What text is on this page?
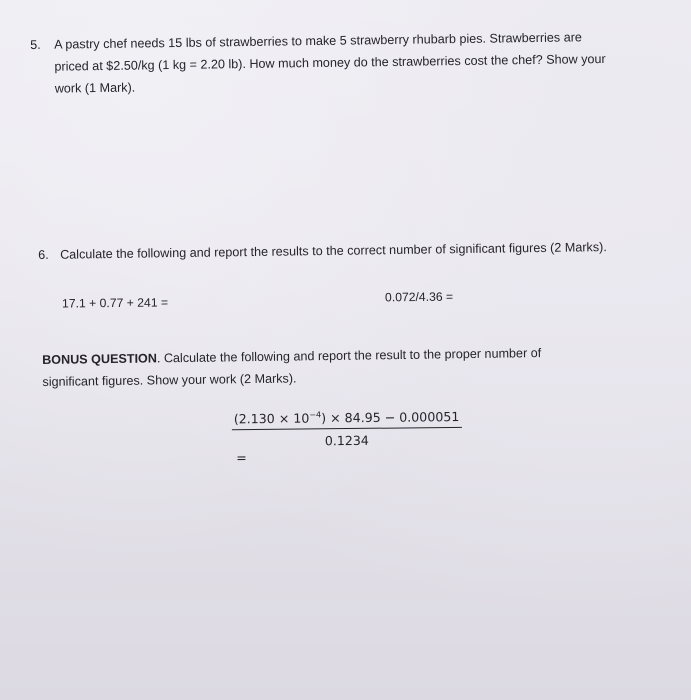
5. A pastry chef needs 15 lbs of strawberries to make 5 strawberry rhubarb pies. Strawberries are
priced at $2.50/kg (1 kg = 2.20 lb). How much money do the strawberries cost the chef? Show your
work (1 Mark).
6. Calculate the following and report the results to the correct number of significant figures (2 Marks).
17.1 + 0.77 + 241 =	0.072/4.36 =
BONUS QUESTION. Calculate the following and report the result to the proper number of
significant figures. Show your work (2 Marks).
$\frac{(2.130 \times 10^{-4}) \times 84.95 - 0.000051}{0.1234}$
=
